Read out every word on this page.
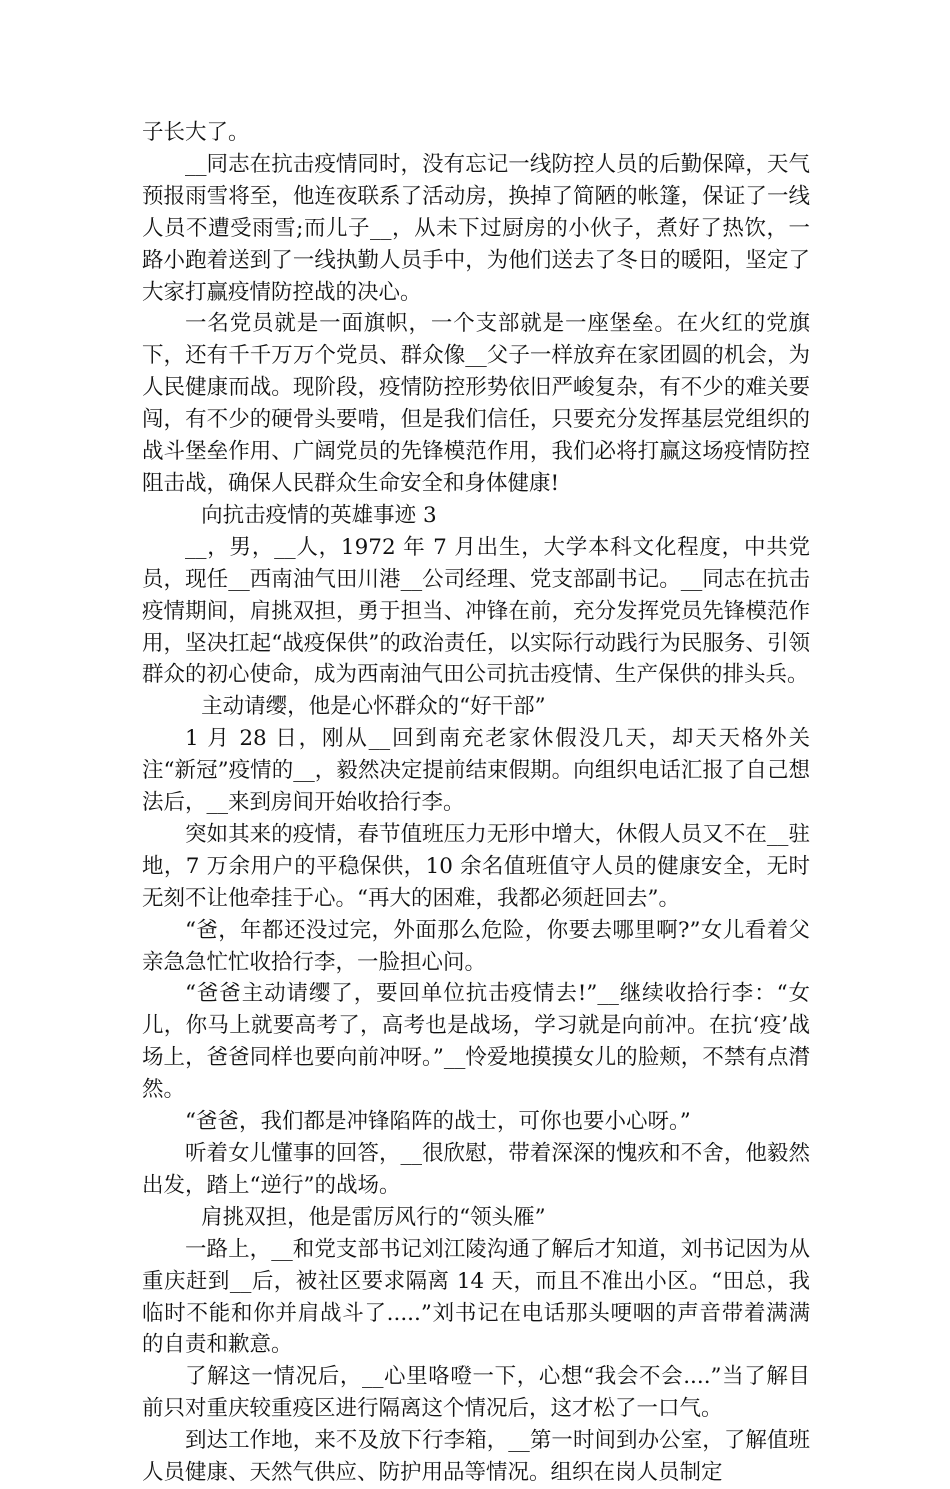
子长大了。

__同志在抗击疫情同时，没有忘记一线防控人员的后勤保障，天气预报雨雪将至，他连夜联系了活动房，换掉了简陋的帐篷，保证了一线人员不遭受雨雪;而儿子__，从未下过厨房的小伙子，煮好了热饮，一路小跑着送到了一线执勤人员手中，为他们送去了冬日的暖阳，坚定了大家打赢疫情防控战的决心。

一名党员就是一面旗帜，一个支部就是一座堡垒。在火红的党旗下，还有千千万万个党员、群众像__父子一样放弃在家团圆的机会，为人民健康而战。现阶段，疫情防控形势依旧严峻复杂，有不少的难关要闯，有不少的硬骨头要啃，但是我们信任，只要充分发挥基层党组织的战斗堡垒作用、广阔党员的先锋模范作用，我们必将打赢这场疫情防控阻击战，确保人民群众生命安全和身体健康!

向抗击疫情的英雄事迹 3

__，男，__人，1972 年 7 月出生，大学本科文化程度，中共党员，现任__西南油气田川港__公司经理、党支部副书记。__同志在抗击疫情期间，肩挑双担，勇于担当、冲锋在前，充分发挥党员先锋模范作用，坚决扛起“战疫保供”的政治责任，以实际行动践行为民服务、引领群众的初心使命，成为西南油气田公司抗击疫情、生产保供的排头兵。

主动请缨，他是心怀群众的“好干部”

1 月 28 日，刚从__回到南充老家休假没几天，却天天格外关注“新冠”疫情的__，毅然决定提前结束假期。向组织电话汇报了自己想法后，__来到房间开始收拾行李。

突如其来的疫情，春节值班压力无形中增大，休假人员又不在__驻地，7 万余用户的平稳保供，10 余名值班值守人员的健康安全，无时无刻不让他牵挂于心。“再大的困难，我都必须赶回去”。

“爸，年都还没过完，外面那么危险，你要去哪里啊?”女儿看着父亲急急忙忙收拾行李，一脸担心问。

“爸爸主动请缨了，要回单位抗击疫情去!”__继续收拾行李：“女儿，你马上就要高考了，高考也是战场，学习就是向前冲。在抗‘疫’战场上，爸爸同样也要向前冲呀。”__怜爱地摸摸女儿的脸颊，不禁有点潸然。

“爸爸，我们都是冲锋陷阵的战士，可你也要小心呀。”

听着女儿懂事的回答，__很欣慰，带着深深的愧疚和不舍，他毅然出发，踏上“逆行”的战场。

肩挑双担，他是雷厉风行的“领头雁”

一路上，__和党支部书记刘江陵沟通了解后才知道，刘书记因为从重庆赶到__后，被社区要求隔离 14 天，而且不准出小区。“田总，我临时不能和你并肩战斗了.....”刘书记在电话那头哽咽的声音带着满满的自责和歉意。

了解这一情况后，__心里咯噔一下，心想“我会不会....”当了解目前只对重庆较重疫区进行隔离这个情况后，这才松了一口气。

到达工作地，来不及放下行李箱，__第一时间到办公室，了解值班人员健康、天然气供应、防护用品等情况。组织在岗人员制定
